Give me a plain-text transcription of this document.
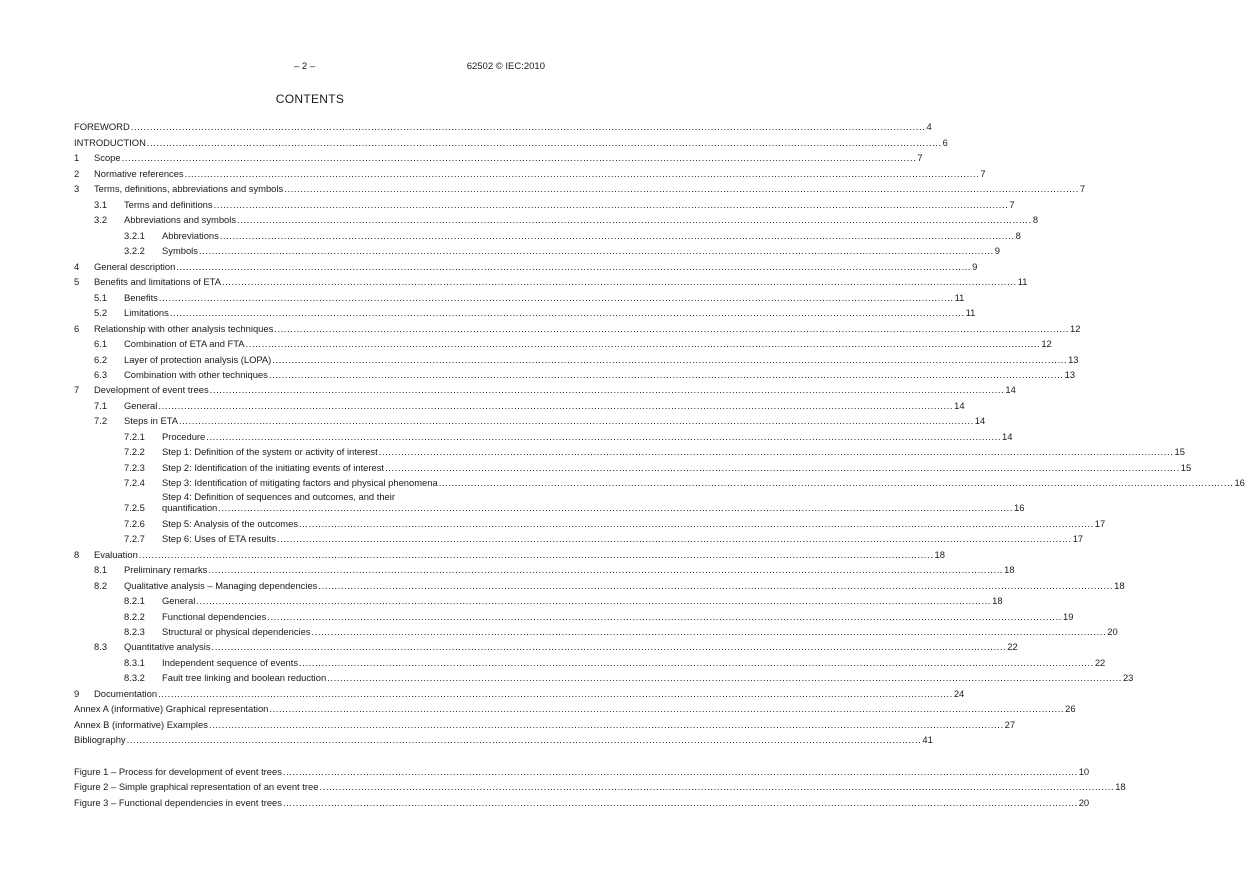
– 2 –	62502 © IEC:2010
CONTENTS
FOREWORD .....	4
INTRODUCTION .....	6
1	Scope .....	7
2	Normative references .....	7
3	Terms, definitions, abbreviations and symbols .....	7
3.1	Terms and definitions .....	7
3.2	Abbreviations and symbols .....	8
3.2.1	Abbreviations .....	8
3.2.2	Symbols .....	9
4	General description .....	9
5	Benefits and limitations of ETA .....	11
5.1	Benefits .....	11
5.2	Limitations .....	11
6	Relationship with other analysis techniques .....	12
6.1	Combination of ETA and FTA .....	12
6.2	Layer of protection analysis (LOPA) .....	13
6.3	Combination with other techniques .....	13
7	Development of event trees .....	14
7.1	General .....	14
7.2	Steps in ETA .....	14
7.2.1	Procedure .....	14
7.2.2	Step 1: Definition of the system or activity of interest .....	15
7.2.3	Step 2: Identification of the initiating events of interest .....	15
7.2.4	Step 3: Identification of mitigating factors and physical phenomena .....	16
7.2.5
Step 4: Definition of sequences and outcomes, and their
quantification .....	16
7.2.6	Step 5: Analysis of the outcomes .....	17
7.2.7	Step 6: Uses of ETA results .....	17
8	Evaluation .....	18
8.1	Preliminary remarks .....	18
8.2	Qualitative analysis – Managing dependencies .....	18
8.2.1	General .....	18
8.2.2	Functional dependencies .....	19
8.2.3	Structural or physical dependencies .....	20
8.3	Quantitative analysis .....	22
8.3.1	Independent sequence of events .....	22
8.3.2	Fault tree linking and boolean reduction .....	23
9	Documentation .....	24
Annex A (informative) Graphical representation .....	26
Annex B (informative) Examples .....	27
Bibliography .....	41
Figure 1 – Process for development of event trees .....	10
Figure 2 – Simple graphical representation of an event tree .....	18
Figure 3 – Functional dependencies in event trees .....	20
